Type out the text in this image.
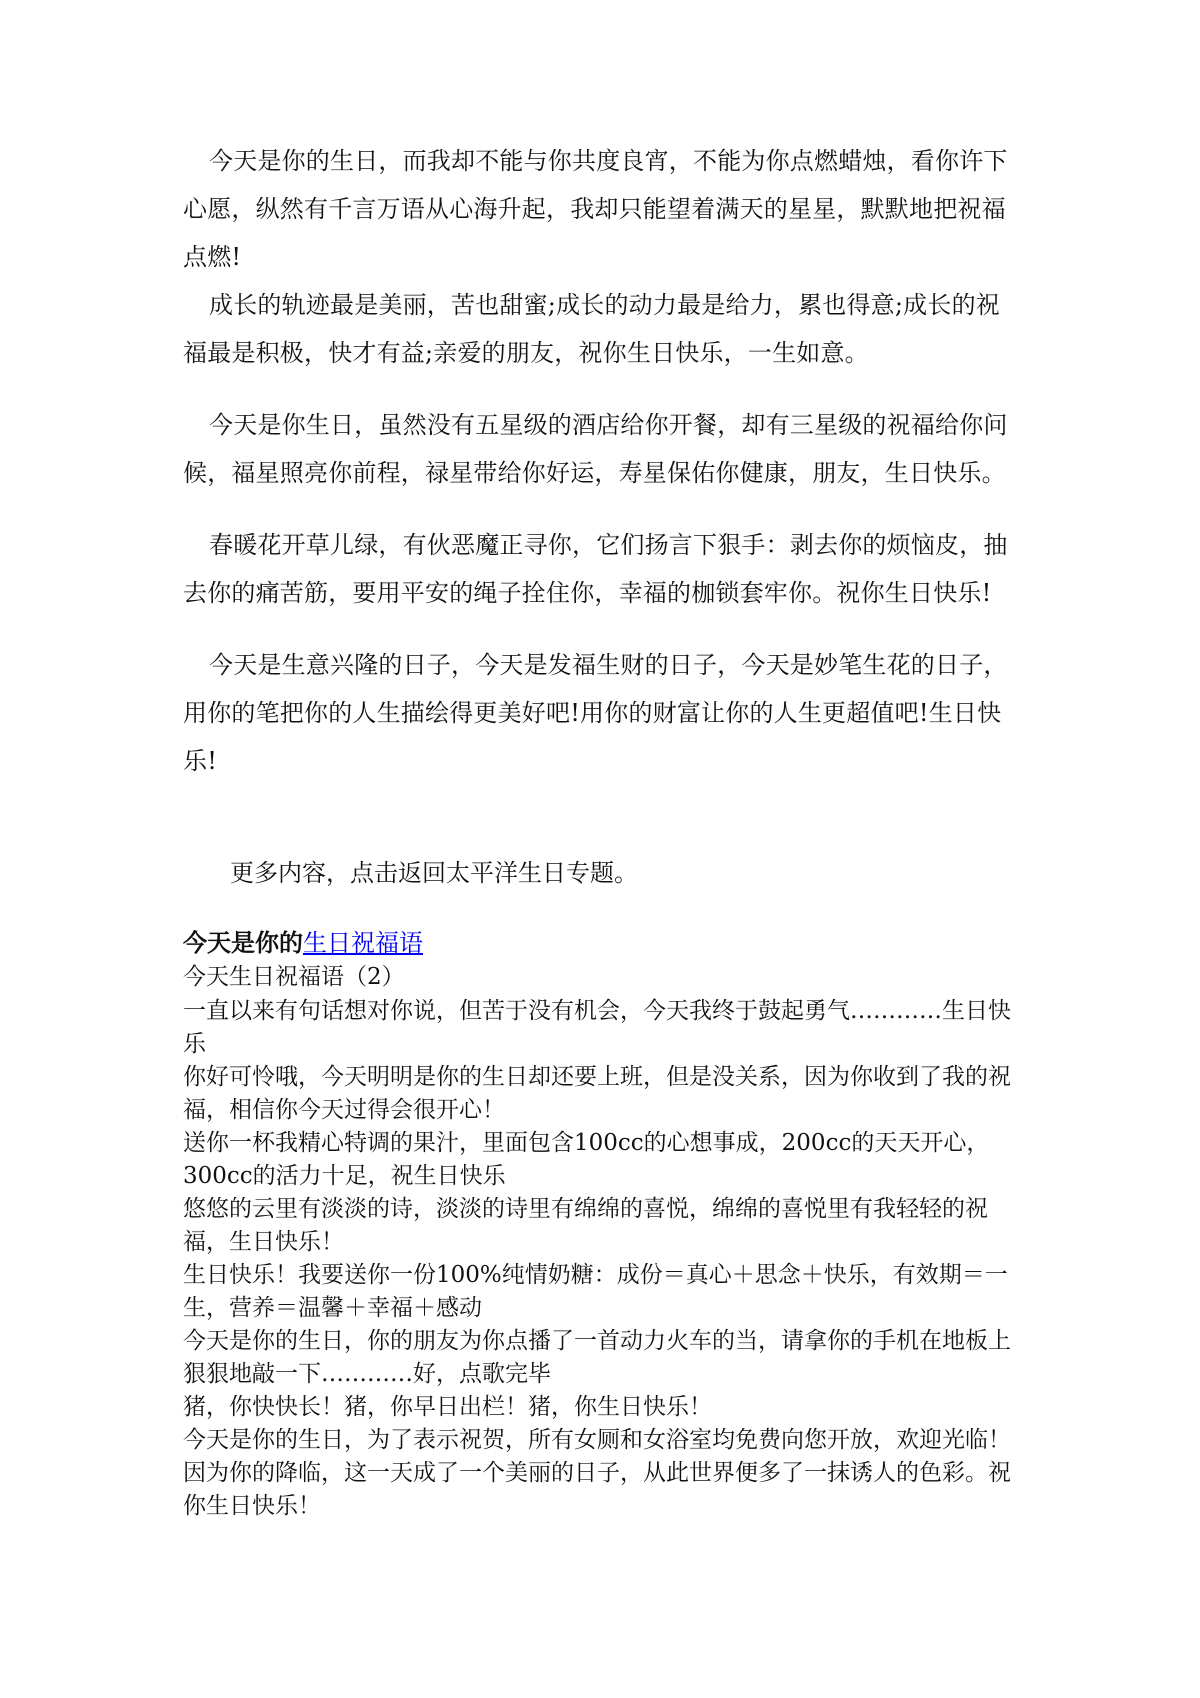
今天是你的生日，而我却不能与你共度良宵，不能为你点燃蜡烛，看你许下心愿，纵然有千言万语从心海升起，我却只能望着满天的星星，默默地把祝福点燃!

成长的轨迹最是美丽，苦也甜蜜;成长的动力最是给力，累也得意;成长的祝福最是积极，快才有益;亲爱的朋友，祝你生日快乐，一生如意。

今天是你生日，虽然没有五星级的酒店给你开餐，却有三星级的祝福给你问候，福星照亮你前程，禄星带给你好运，寿星保佑你健康，朋友，生日快乐。

春暖花开草儿绿，有伙恶魔正寻你，它们扬言下狠手：剥去你的烦恼皮，抽去你的痛苦筋，要用平安的绳子拴住你，幸福的枷锁套牢你。祝你生日快乐!

今天是生意兴隆的日子，今天是发福生财的日子，今天是妙笔生花的日子，用你的笔把你的人生描绘得更美好吧!用你的财富让你的人生更超值吧!生日快乐!

更多内容，点击返回太平洋生日专题。

今天是你的生日祝福语
今天生日祝福语（2）
一直以来有句话想对你说，但苦于没有机会，今天我终于鼓起勇气…………生日快乐
你好可怜哦，今天明明是你的生日却还要上班，但是没关系，因为你收到了我的祝福，相信你今天过得会很开心！
送你一杯我精心特调的果汁，里面包含100cc的心想事成，200cc的天天开心，300cc的活力十足，祝生日快乐
悠悠的云里有淡淡的诗，淡淡的诗里有绵绵的喜悦，绵绵的喜悦里有我轻轻的祝福，生日快乐！
生日快乐！我要送你一份100%纯情奶糖：成份＝真心＋思念＋快乐，有效期＝一生，营养＝温馨＋幸福＋感动
今天是你的生日，你的朋友为你点播了一首动力火车的当，请拿你的手机在地板上狠狠地敲一下…………好，点歌完毕
猪，你快快长！猪，你早日出栏！猪，你生日快乐！
今天是你的生日，为了表示祝贺，所有女厕和女浴室均免费向您开放，欢迎光临！
因为你的降临，这一天成了一个美丽的日子，从此世界便多了一抹诱人的色彩。祝你生日快乐！
